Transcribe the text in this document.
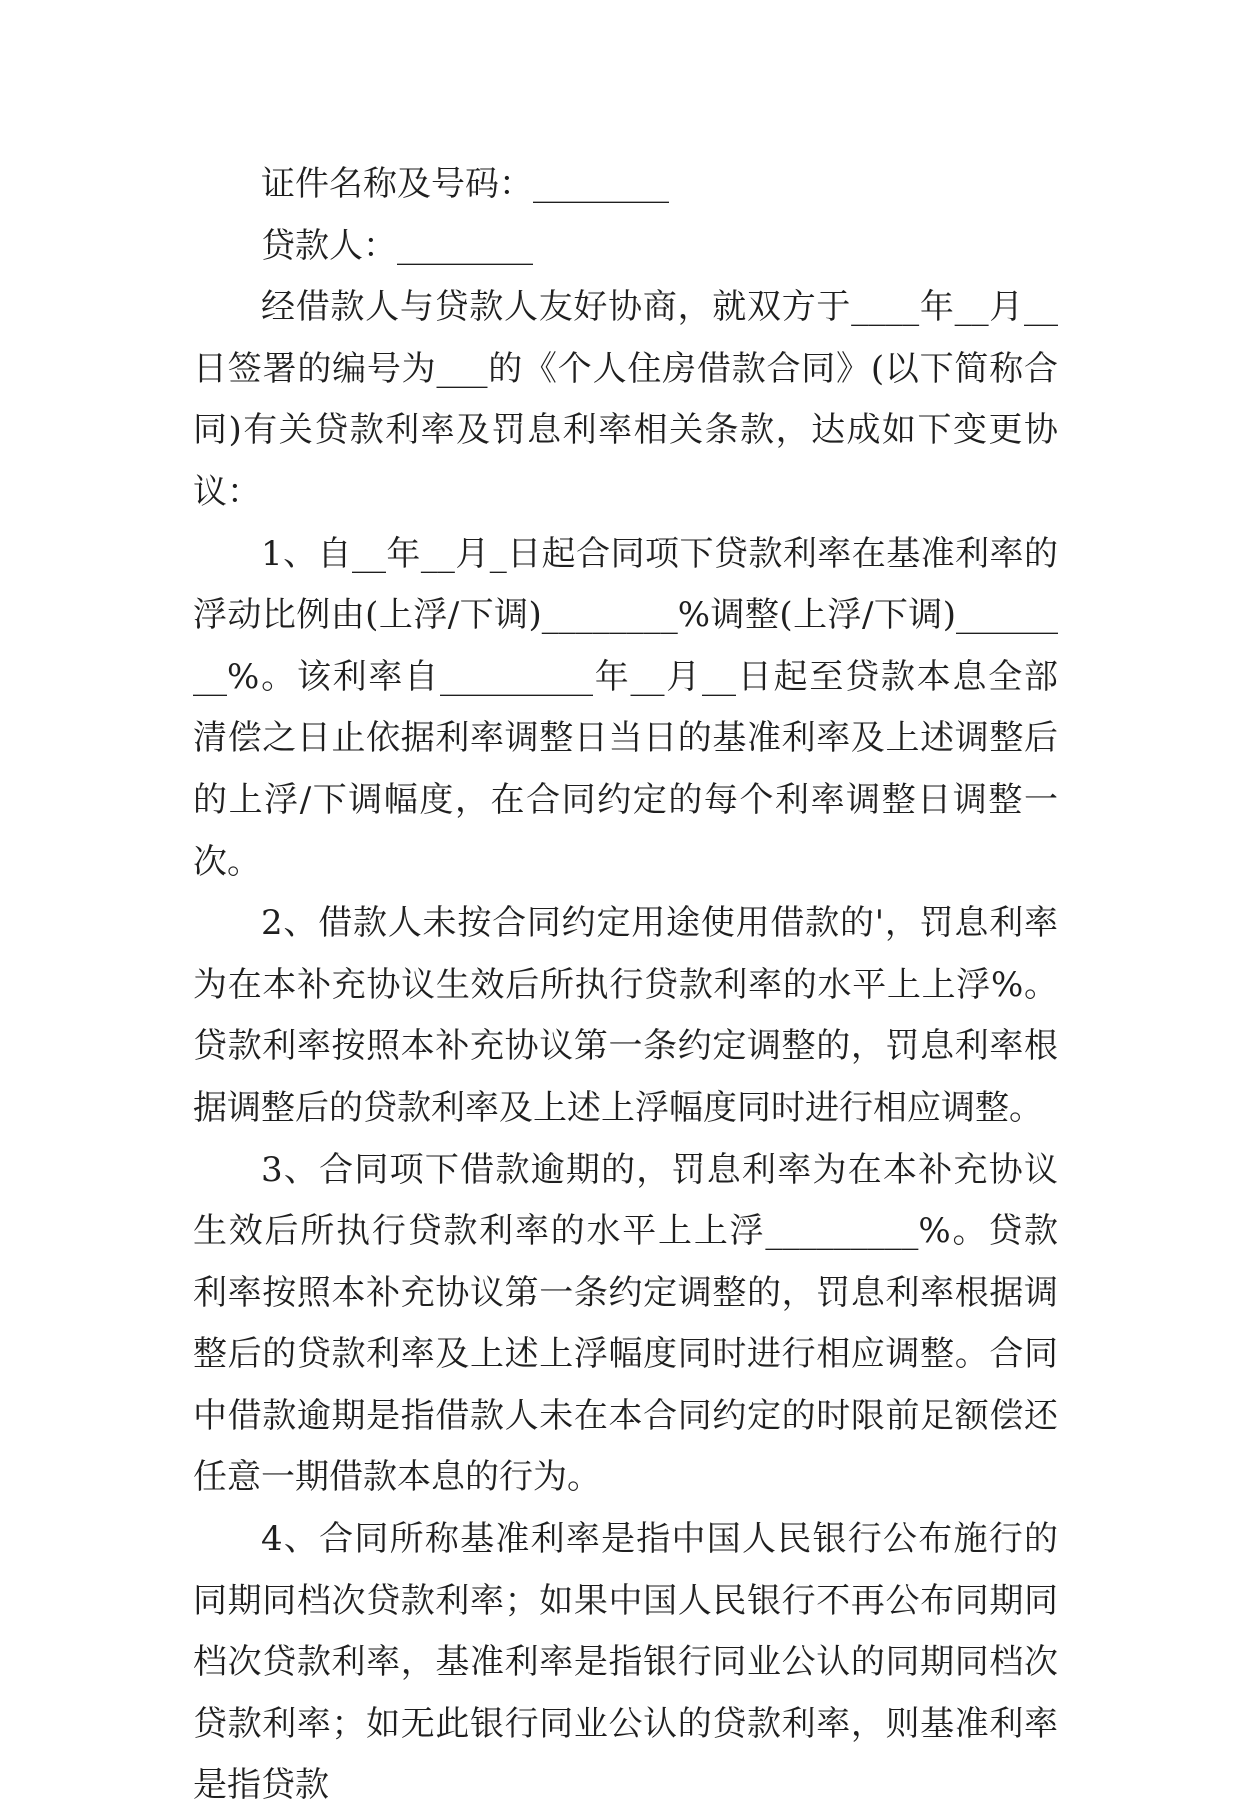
证件名称及号码：________

贷款人：________

经借款人与贷款人友好协商，就双方于____年__月__日签署的编号为___的《个人住房借款合同》(以下简称合同)有关贷款利率及罚息利率相关条款，达成如下变更协议：

1、自__年__月_日起合同项下贷款利率在基准利率的浮动比例由(上浮/下调)________%调整(上浮/下调)________%。该利率自_________年__月__日起至贷款本息全部清偿之日止依据利率调整日当日的基准利率及上述调整后的上浮/下调幅度，在合同约定的每个利率调整日调整一次。

2、借款人未按合同约定用途使用借款的'，罚息利率为在本补充协议生效后所执行贷款利率的水平上上浮%。贷款利率按照本补充协议第一条约定调整的，罚息利率根据调整后的贷款利率及上述上浮幅度同时进行相应调整。

3、合同项下借款逾期的，罚息利率为在本补充协议生效后所执行贷款利率的水平上上浮_________%。贷款利率按照本补充协议第一条约定调整的，罚息利率根据调整后的贷款利率及上述上浮幅度同时进行相应调整。合同中借款逾期是指借款人未在本合同约定的时限前足额偿还任意一期借款本息的行为。

4、合同所称基准利率是指中国人民银行公布施行的同期同档次贷款利率；如果中国人民银行不再公布同期同档次贷款利率，基准利率是指银行同业公认的同期同档次贷款利率；如无此银行同业公认的贷款利率，则基准利率是指贷款
